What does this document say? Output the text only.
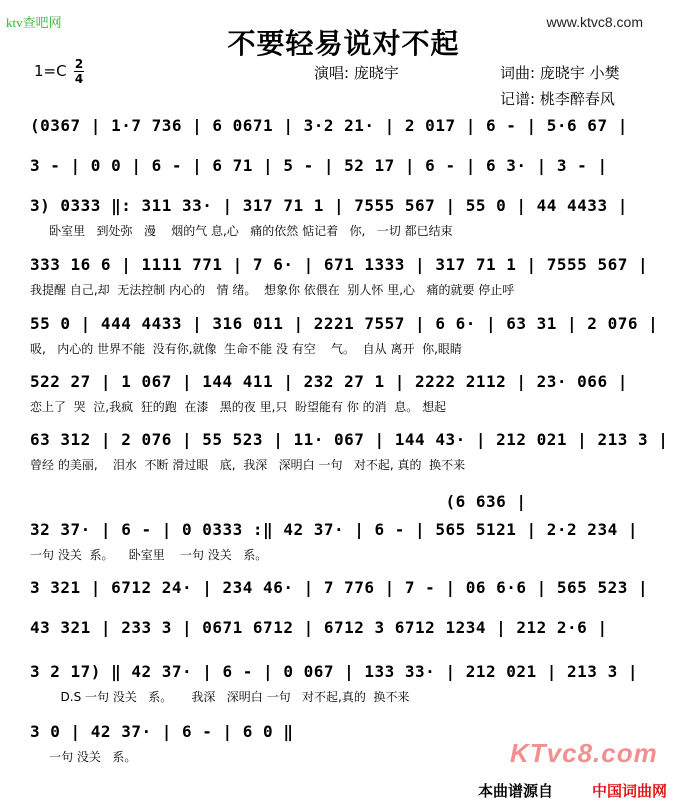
ktv查吧网	www.ktvc8.com
不要轻易说对不起
1=C 2
4	演唱: 庞晓宇	词曲: 庞晓宇 小樊
记谱: 桃李醉春风
(0367 | 1·7 736 | 6 0671 | 3·2 21· | 2 017 | 6 - | 5·6 67 |
3 - | 0 0 | 6 - | 6 71 | 5 - | 52 17 | 6 - | 6 3· | 3 - |
3) 0333 ‖: 311 33· | 317 71 1 | 7555 567 | 55 0 | 44 4433 |
卧室里   到处弥   漫    烟的气 息,心   痛的依然 惦记着   你,   一切 都已结束
333 16 6 | 1111 771 | 7 6· | 671 1333 | 317 71 1 | 7555 567 |
我提醒 自己,却  无法控制 内心的   情 绪。  想象你 依偎在  别人怀 里,心   痛的就要 停止呼
55 0 | 444 4433 | 316 011 | 2221 7557 | 6 6· | 63 31 | 2 076 |
吸,   内心的 世界不能  没有你,就像  生命不能 没 有空    气。  自从 离开  你,眼睛
522 27 | 1 067 | 144 411 | 232 27 1 | 2222 2112 | 23· 066 |
恋上了  哭  泣,我疯  狂的跑  在漆   黑的夜 里,只  盼望能有 你 的消  息。 想起
63 312 | 2 076 | 55 523 | 11· 067 | 144 43· | 212 021 | 213 3 |
曾经 的美丽,    泪水  不断 滑过眼   底,  我深   深明白 一句   对不起, 真的  换不来
(6 636 |
32 37· | 6 - | 0 0333 :‖ 42 37· | 6 - | 565 5121 | 2·2 234 |
一句 没关  系。    卧室里    一句 没关   系。
3 321 | 6712 24· | 234 46· | 7 776 | 7 - | 06 6·6 | 565 523 |
43 321 | 233 3 | 0671 6712 | 6712 3 6712 1234 | 212 2·6 |
3 2 17) ‖ 42 37· | 6 - | 0 067 | 133 33· | 212 021 | 213 3 |
D.S 一句 没关   系。     我深   深明白 一句   对不起,真的  换不来
3 0 | 42 37· | 6 - | 6 0 ‖
一句 没关   系。	KTvc8.com
本曲谱源自	中国词曲网
